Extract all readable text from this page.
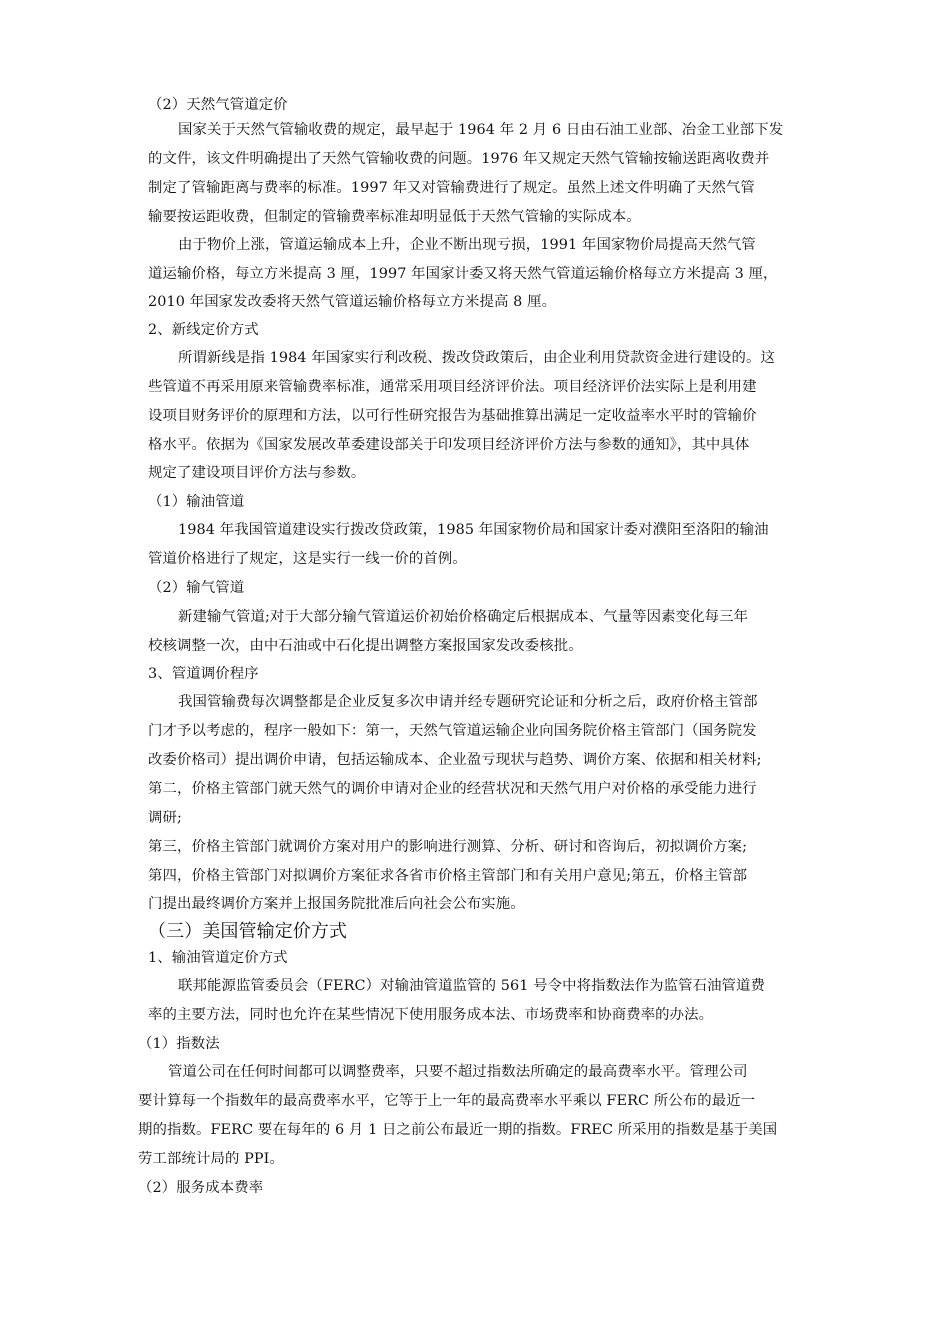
（2）天然气管道定价

国家关于天然气管输收费的规定，最早起于 1964 年 2 月 6 日由石油工业部、冶金工业部下发

的文件，该文件明确提出了天然气管输收费的问题。1976 年又规定天然气管输按输送距离收费并

制定了管输距离与费率的标准。1997 年又对管输费进行了规定。虽然上述文件明确了天然气管

输要按运距收费，但制定的管输费率标准却明显低于天然气管输的实际成本。

由于物价上涨，管道运输成本上升，企业不断出现亏损，1991 年国家物价局提高天然气管

道运输价格，每立方米提高 3 厘，1997 年国家计委又将天然气管道运输价格每立方米提高 3 厘，

2010 年国家发改委将天然气管道运输价格每立方米提高 8 厘。

2、新线定价方式

所谓新线是指 1984 年国家实行利改税、拨改贷政策后，由企业利用贷款资金进行建设的。这

些管道不再采用原来管输费率标准，通常采用项目经济评价法。项目经济评价法实际上是利用建

设项目财务评价的原理和方法，以可行性研究报告为基础推算出满足一定收益率水平时的管输价

格水平。依据为《国家发展改革委建设部关于印发项目经济评价方法与参数的通知》，其中具体

规定了建设项目评价方法与参数。

（1）输油管道

1984 年我国管道建设实行拨改贷政策，1985 年国家物价局和国家计委对濮阳至洛阳的输油

管道价格进行了规定，这是实行一线一价的首例。

（2）输气管道

新建输气管道;对于大部分输气管道运价初始价格确定后根据成本、气量等因素变化每三年

校核调整一次，由中石油或中石化提出调整方案报国家发改委核批。

3、管道调价程序

我国管输费每次调整都是企业反复多次申请并经专题研究论证和分析之后，政府价格主管部

门才予以考虑的，程序一般如下：第一，天然气管道运输企业向国务院价格主管部门（国务院发

改委价格司）提出调价申请，包括运输成本、企业盈亏现状与趋势、调价方案、依据和相关材料;

第二，价格主管部门就天然气的调价申请对企业的经营状况和天然气用户对价格的承受能力进行

调研;

第三，价格主管部门就调价方案对用户的影响进行测算、分析、研讨和咨询后，初拟调价方案;

第四，价格主管部门对拟调价方案征求各省市价格主管部门和有关用户意见;第五，价格主管部

门提出最终调价方案并上报国务院批准后向社会公布实施。

（三）美国管输定价方式

1、输油管道定价方式

联邦能源监管委员会（FERC）对输油管道监管的 561 号令中将指数法作为监管石油管道费

率的主要方法，同时也允许在某些情况下使用服务成本法、市场费率和协商费率的办法。

（1）指数法

管道公司在任何时间都可以调整费率，只要不超过指数法所确定的最高费率水平。管理公司

要计算每一个指数年的最高费率水平，它等于上一年的最高费率水平乘以 FERC 所公布的最近一

期的指数。FERC 要在每年的 6 月 1 日之前公布最近一期的指数。FREC 所采用的指数是基于美国

劳工部统计局的 PPI。

（2）服务成本费率
